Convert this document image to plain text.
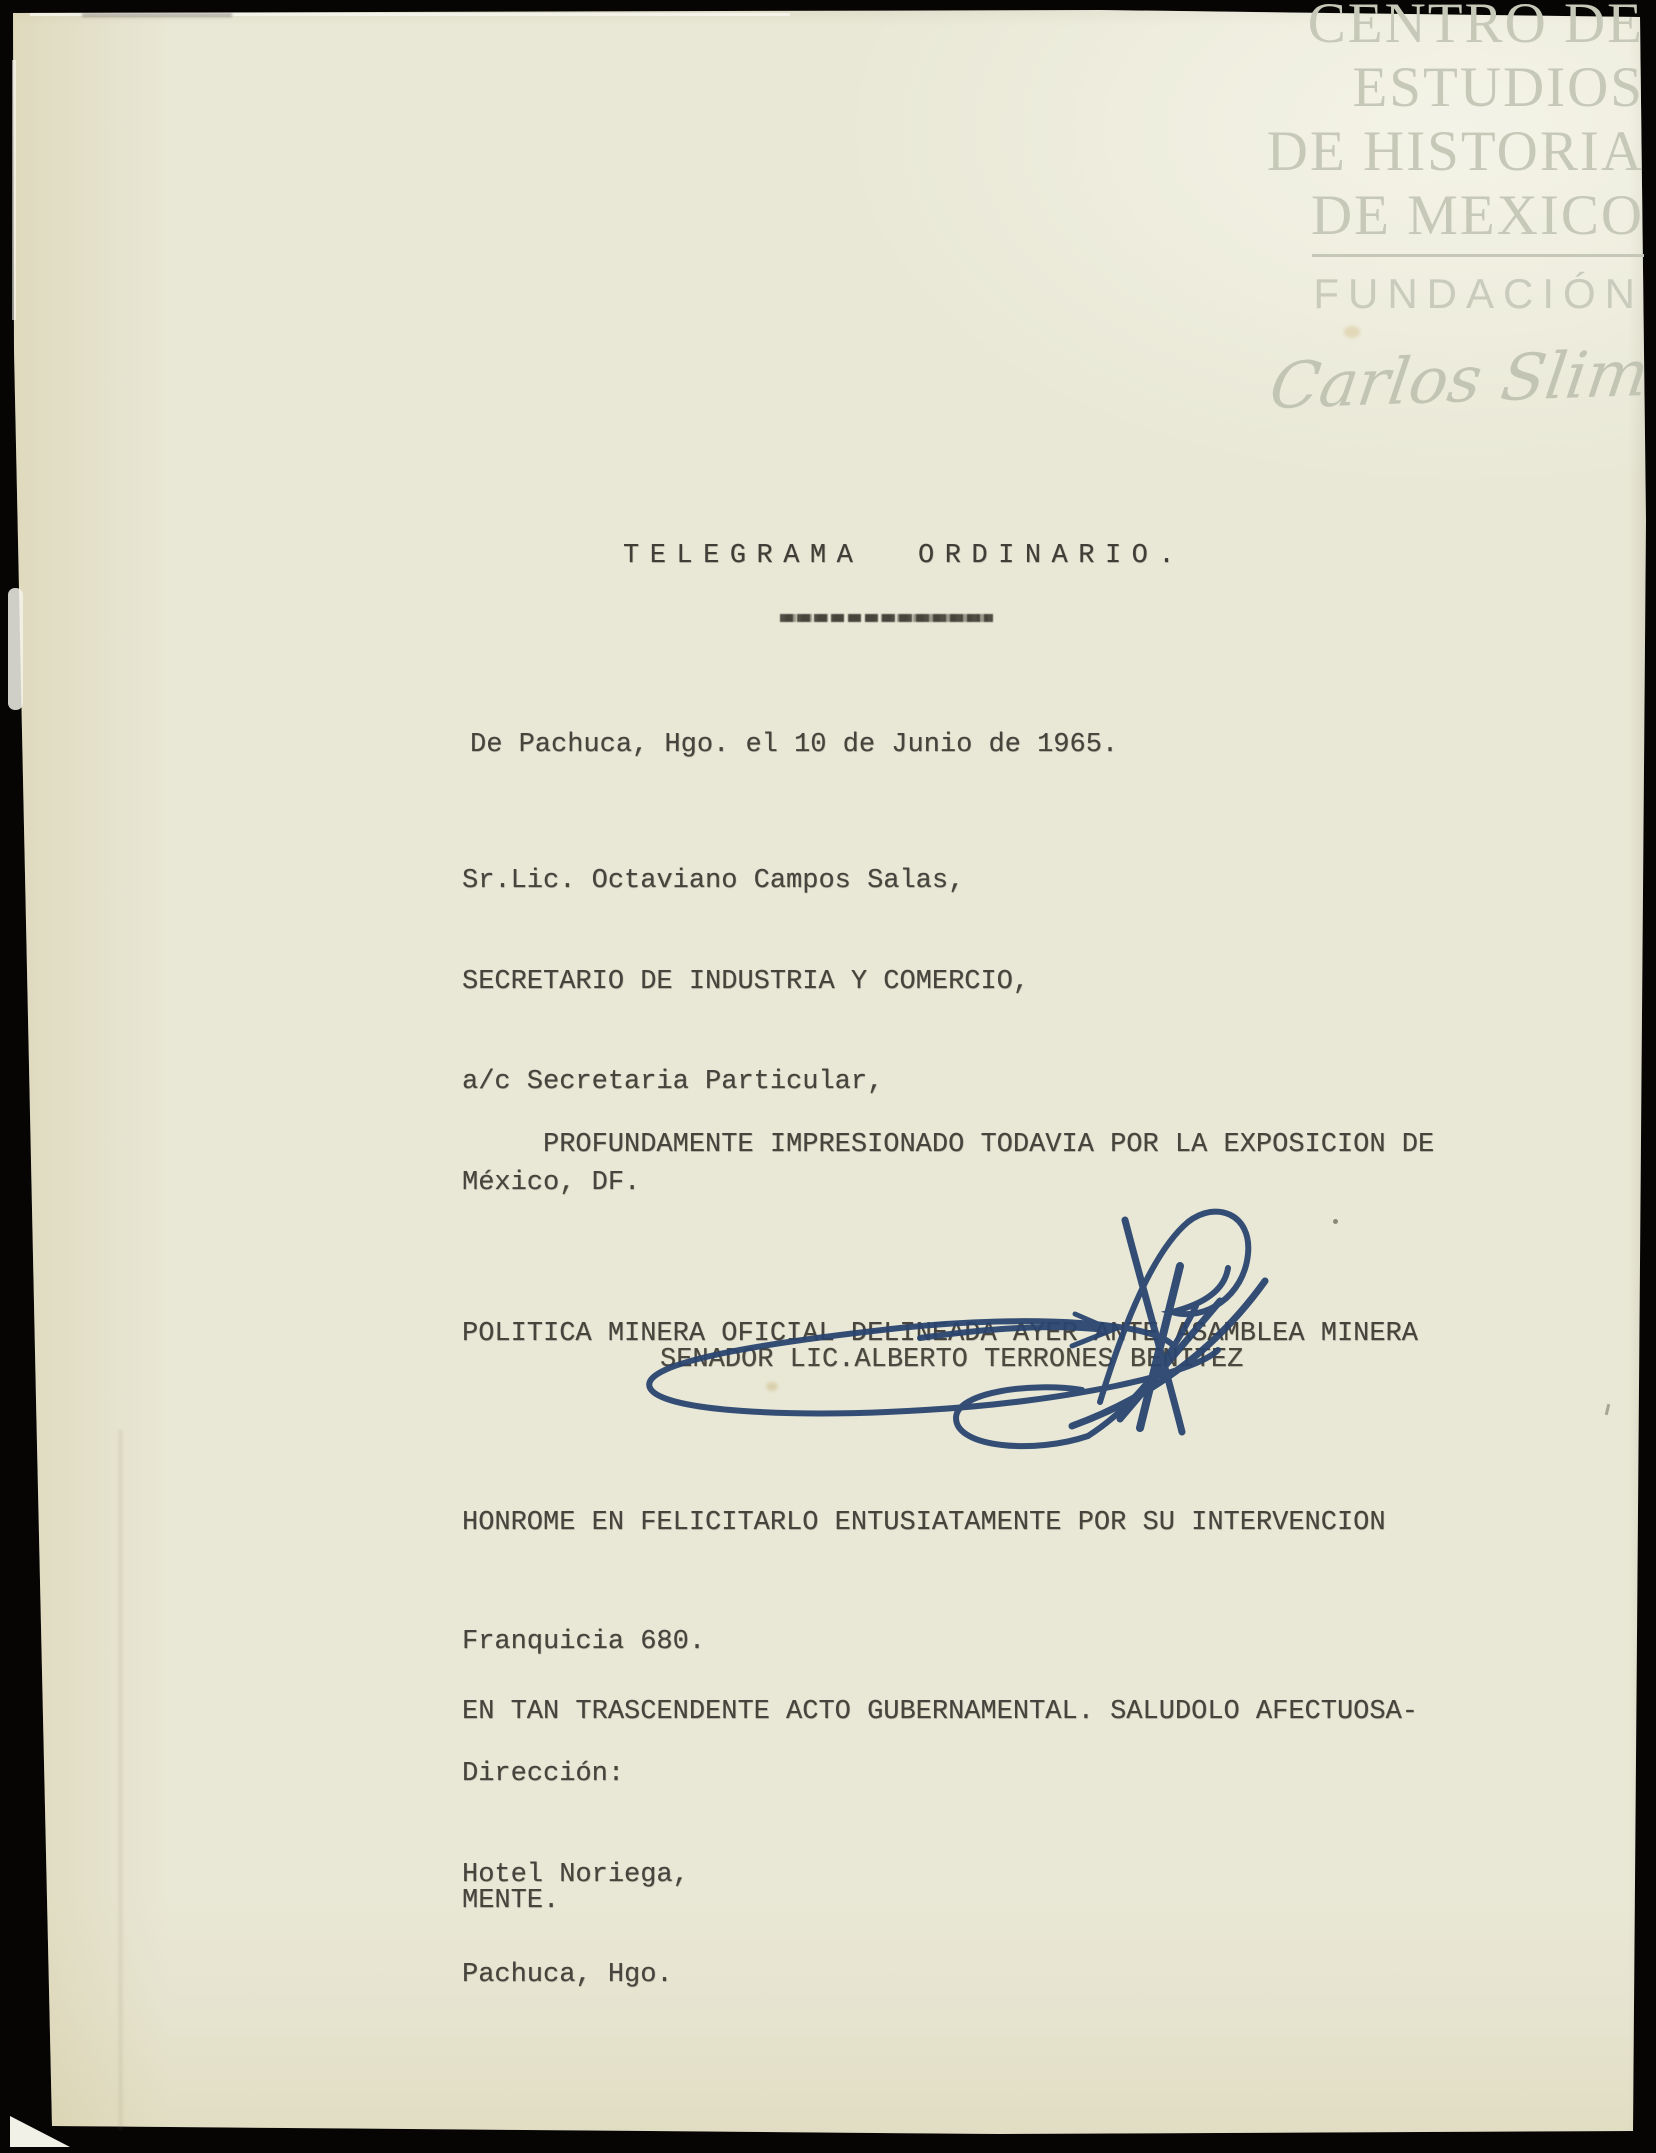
CENTRO DE
ESTUDIOS
DE HISTORIA
DE MEXICO
FUNDACIÓN
Carlos Slim
TELEGRAMA ORDINARIO.
De Pachuca, Hgo. el 10 de Junio de 1965.

Sr.Lic. Octaviano Campos Salas,

SECRETARIO DE INDUSTRIA Y COMERCIO,

a/c Secretaria Particular,

México, DF.

PROFUNDAMENTE IMPRESIONADO TODAVIA POR LA EXPOSICION DE

POLITICA MINERA OFICIAL DELINEADA AYER ANTE ASAMBLEA MINERA

HONROME EN FELICITARLO ENTUSIATAMENTE POR SU INTERVENCION

EN TAN TRASCENDENTE ACTO GUBERNAMENTAL. SALUDOLO AFECTUOSA-

MENTE.

SENADOR LIC.ALBERTO TERRONES BENITEZ
Franquicia 680.

Dirección:

Hotel Noriega,

Pachuca, Hgo.
